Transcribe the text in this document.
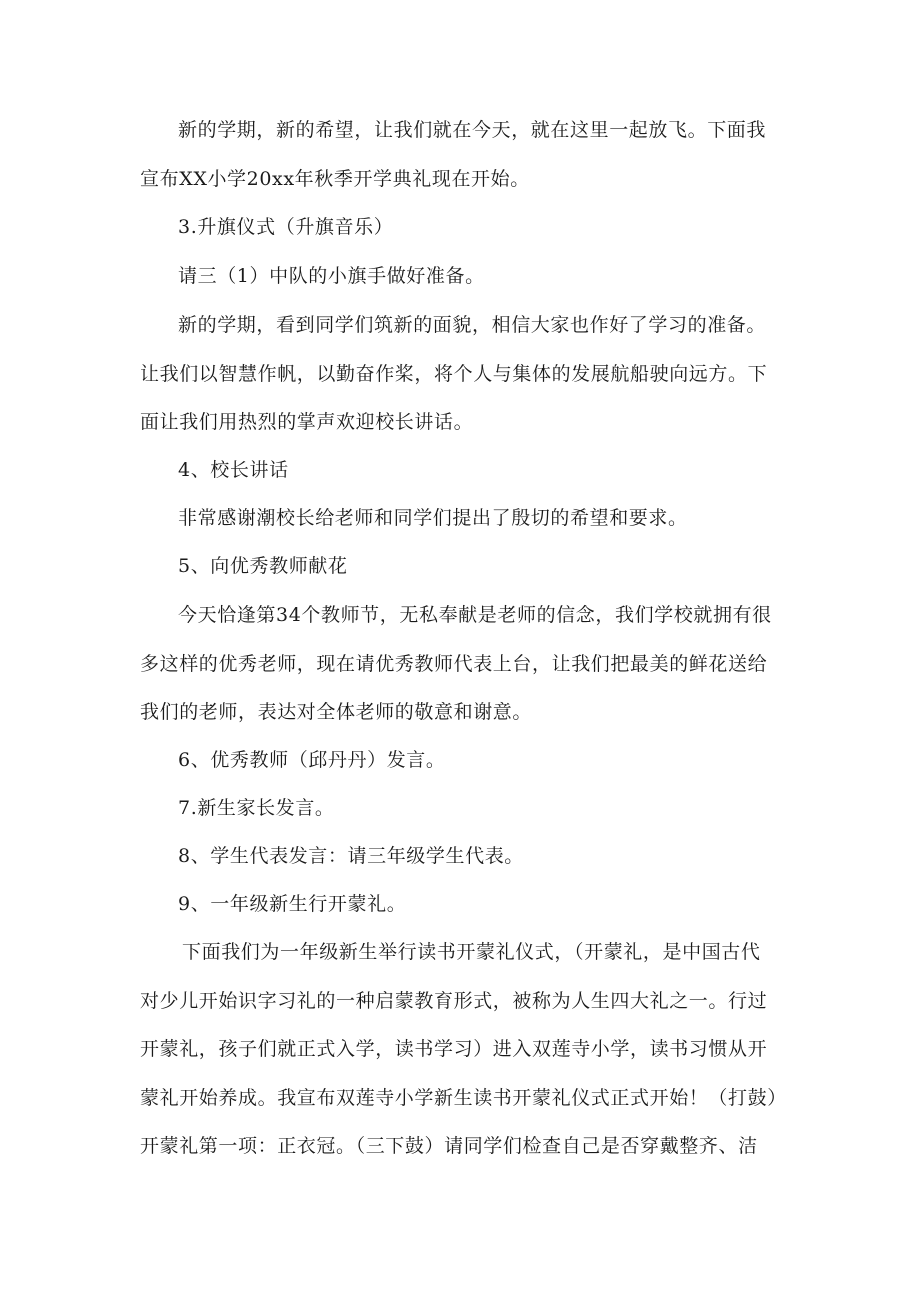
新的学期，新的希望，让我们就在今天，就在这里一起放飞。下面我
宣布XX小学20xx年秋季开学典礼现在开始。

3.升旗仪式（升旗音乐）

请三（1）中队的小旗手做好准备。

新的学期，看到同学们筑新的面貌，相信大家也作好了学习的准备。
让我们以智慧作帆，以勤奋作桨，将个人与集体的发展航船驶向远方。下
面让我们用热烈的掌声欢迎校长讲话。

4、校长讲话

非常感谢潮校长给老师和同学们提出了殷切的希望和要求。

5、向优秀教师献花

今天恰逢第34个教师节，无私奉献是老师的信念，我们学校就拥有很
多这样的优秀老师，现在请优秀教师代表上台，让我们把最美的鲜花送给
我们的老师，表达对全体老师的敬意和谢意。

6、优秀教师（邱丹丹）发言。

7.新生家长发言。

8、学生代表发言：请三年级学生代表。

9、一年级新生行开蒙礼。

下面我们为一年级新生举行读书开蒙礼仪式，（开蒙礼，是中国古代
对少儿开始识字习礼的一种启蒙教育形式，被称为人生四大礼之一。行过
开蒙礼，孩子们就正式入学，读书学习）进入双莲寺小学，读书习惯从开
蒙礼开始养成。我宣布双莲寺小学新生读书开蒙礼仪式正式开始！（打鼓）
开蒙礼第一项：正衣冠。（三下鼓）请同学们检查自己是否穿戴整齐、洁
